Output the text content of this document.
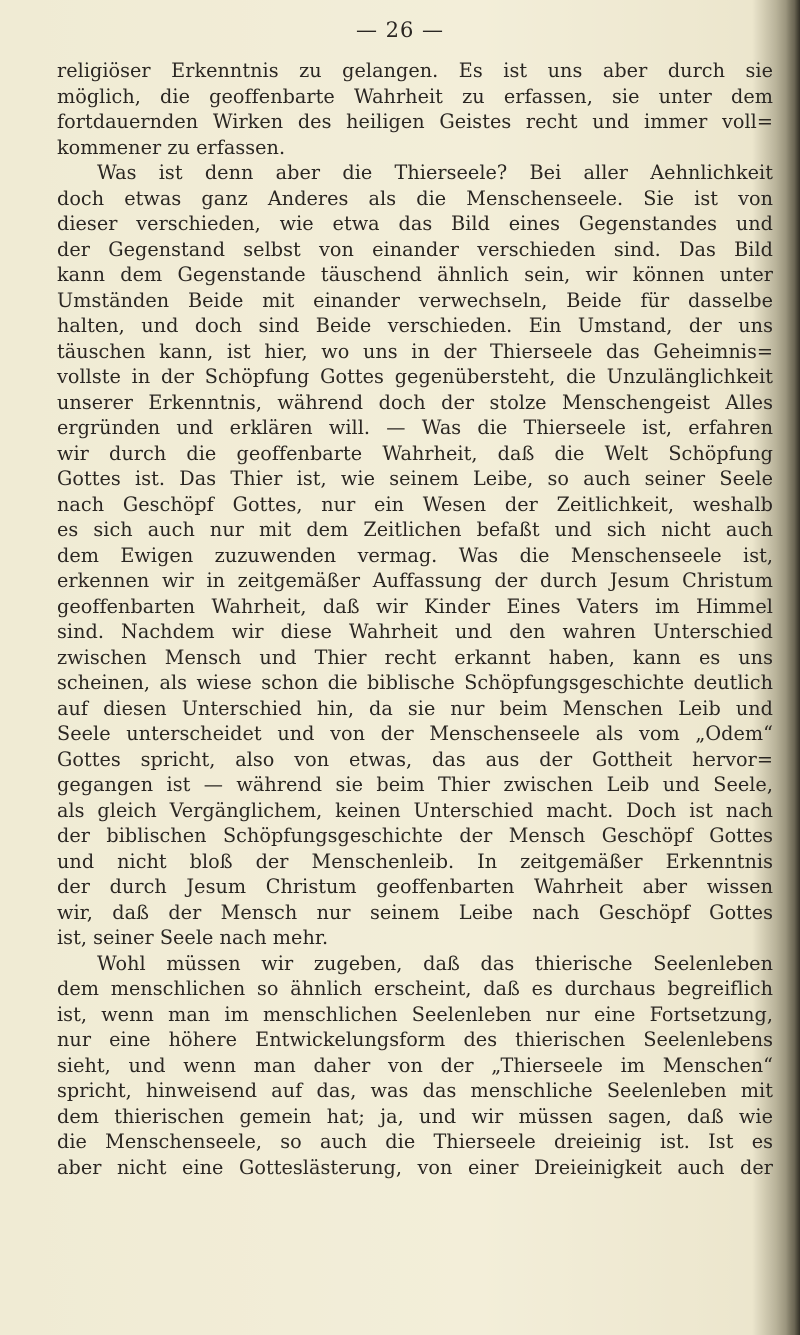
— 26 —
religiöser Erkenntnis zu gelangen. Es ist uns aber durch sie
möglich, die geoffenbarte Wahrheit zu erfassen, sie unter dem
fortdauernden Wirken des heiligen Geistes recht und immer voll=
kommener zu erfassen.
Was ist denn aber die Thierseele? Bei aller Aehnlichkeit
doch etwas ganz Anderes als die Menschenseele. Sie ist von
dieser verschieden, wie etwa das Bild eines Gegenstandes und
der Gegenstand selbst von einander verschieden sind. Das Bild
kann dem Gegenstande täuschend ähnlich sein, wir können unter
Umständen Beide mit einander verwechseln, Beide für dasselbe
halten, und doch sind Beide verschieden. Ein Umstand, der uns
täuschen kann, ist hier, wo uns in der Thierseele das Geheimnis=
vollste in der Schöpfung Gottes gegenübersteht, die Unzulänglichkeit
unserer Erkenntnis, während doch der stolze Menschengeist Alles
ergründen und erklären will. — Was die Thierseele ist, erfahren
wir durch die geoffenbarte Wahrheit, daß die Welt Schöpfung
Gottes ist. Das Thier ist, wie seinem Leibe, so auch seiner Seele
nach Geschöpf Gottes, nur ein Wesen der Zeitlichkeit, weshalb
es sich auch nur mit dem Zeitlichen befaßt und sich nicht auch
dem Ewigen zuzuwenden vermag. Was die Menschenseele ist,
erkennen wir in zeitgemäßer Auffassung der durch Jesum Christum
geoffenbarten Wahrheit, daß wir Kinder Eines Vaters im Himmel
sind. Nachdem wir diese Wahrheit und den wahren Unterschied
zwischen Mensch und Thier recht erkannt haben, kann es uns
scheinen, als wiese schon die biblische Schöpfungsgeschichte deutlich
auf diesen Unterschied hin, da sie nur beim Menschen Leib und
Seele unterscheidet und von der Menschenseele als vom „Odem“
Gottes spricht, also von etwas, das aus der Gottheit hervor=
gegangen ist — während sie beim Thier zwischen Leib und Seele,
als gleich Vergänglichem, keinen Unterschied macht. Doch ist nach
der biblischen Schöpfungsgeschichte der Mensch Geschöpf Gottes
und nicht bloß der Menschenleib. In zeitgemäßer Erkenntnis
der durch Jesum Christum geoffenbarten Wahrheit aber wissen
wir, daß der Mensch nur seinem Leibe nach Geschöpf Gottes
ist, seiner Seele nach mehr.
Wohl müssen wir zugeben, daß das thierische Seelenleben
dem menschlichen so ähnlich erscheint, daß es durchaus begreiflich
ist, wenn man im menschlichen Seelenleben nur eine Fortsetzung,
nur eine höhere Entwickelungsform des thierischen Seelenlebens
sieht, und wenn man daher von der „Thierseele im Menschen“
spricht, hinweisend auf das, was das menschliche Seelenleben mit
dem thierischen gemein hat; ja, und wir müssen sagen, daß wie
die Menschenseele, so auch die Thierseele dreieinig ist. Ist es
aber nicht eine Gotteslästerung, von einer Dreieinigkeit auch der
